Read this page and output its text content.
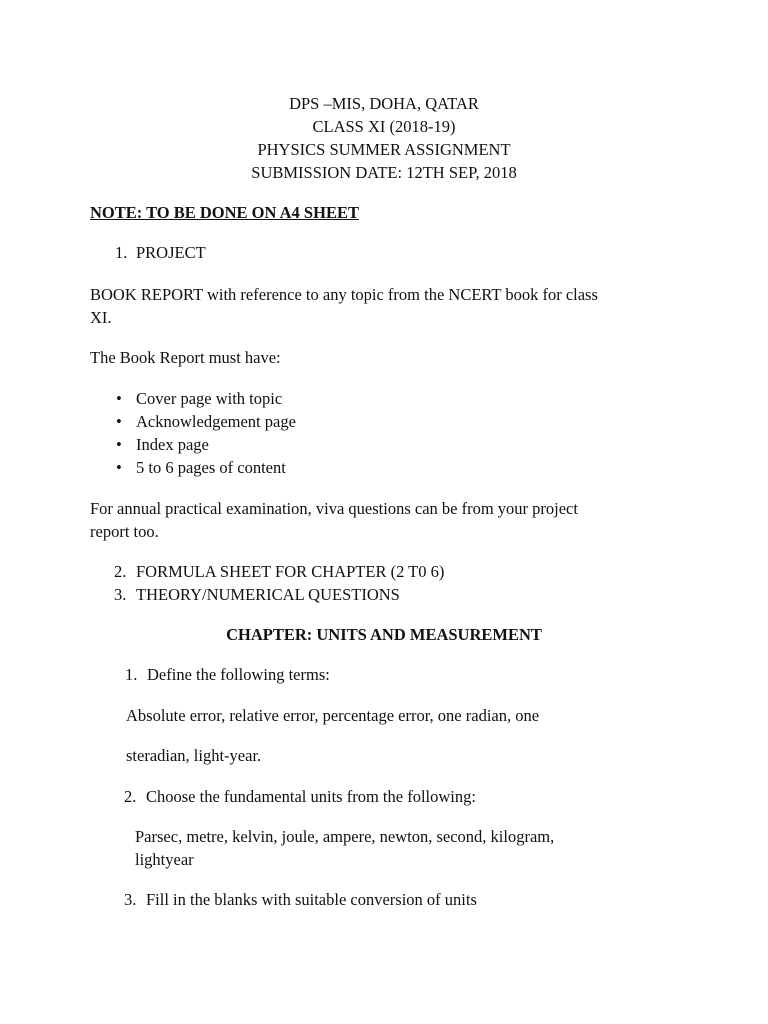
DPS –MIS, DOHA, QATAR
CLASS XI (2018-19)
PHYSICS SUMMER ASSIGNMENT
SUBMISSION DATE: 12TH SEP, 2018
NOTE: TO BE DONE ON A4 SHEET
1. PROJECT
BOOK REPORT with reference to any topic from the NCERT book for class
XI.
The Book Report must have:
• Cover page with topic
• Acknowledgement page
• Index page
• 5 to 6 pages of content
For annual practical examination, viva questions can be from your project
report too.
2. FORMULA SHEET FOR CHAPTER (2 T0 6)
3. THEORY/NUMERICAL QUESTIONS
CHAPTER: UNITS AND MEASUREMENT
1. Define the following terms:
Absolute error, relative error, percentage error, one radian, one
steradian, light-year.
2. Choose the fundamental units from the following:
Parsec, metre, kelvin, joule, ampere, newton, second, kilogram,
lightyear
3. Fill in the blanks with suitable conversion of units
